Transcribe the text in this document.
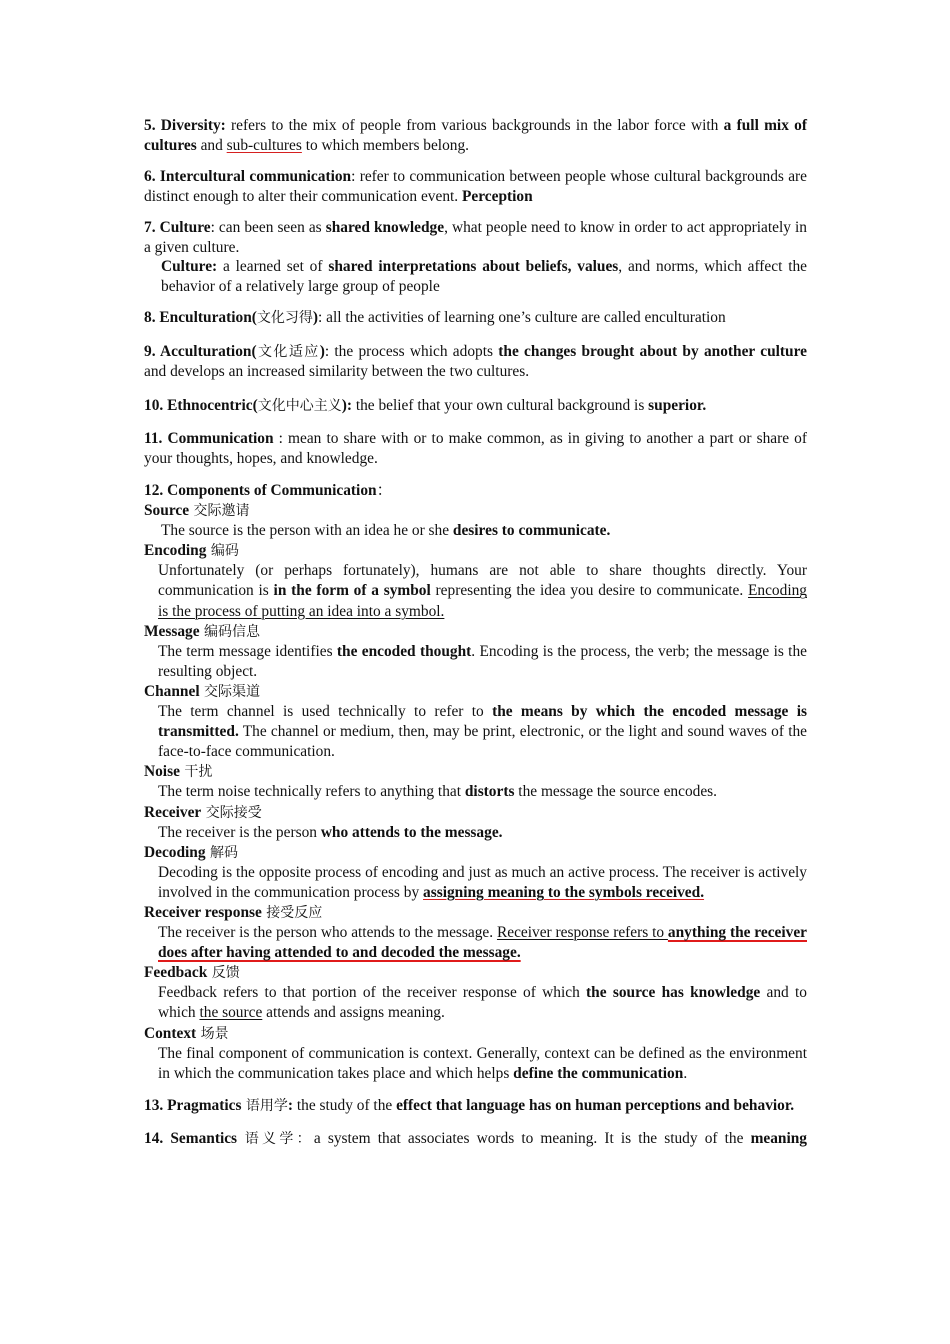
5. Diversity: refers to the mix of people from various backgrounds in the labor force with a full mix of cultures and sub-cultures to which members belong.

6. Intercultural communication: refer to communication between people whose cultural backgrounds are distinct enough to alter their communication event. Perception

7. Culture: can been seen as shared knowledge, what people need to know in order to act appropriately in a given culture.
Culture: a learned set of shared interpretations about beliefs, values, and norms, which affect the behavior of a relatively large group of people

8. Enculturation(文化习得): all the activities of learning one’s culture are called enculturation

9. Acculturation(文化适应): the process which adopts the changes brought about by another culture and develops an increased similarity between the two cultures.

10. Ethnocentric(文化中心主义): the belief that your own cultural background is superior.

11. Communication : mean to share with or to make common, as in giving to another a part or share of your thoughts, hopes, and knowledge.

12. Components of Communication：
Source 交际邀请
The source is the person with an idea he or she desires to communicate.
Encoding 编码
Unfortunately (or perhaps fortunately), humans are not able to share thoughts directly. Your communication is in the form of a symbol representing the idea you desire to communicate. Encoding is the process of putting an idea into a symbol.
Message 编码信息
The term message identifies the encoded thought. Encoding is the process, the verb; the message is the resulting object.
Channel 交际渠道
The term channel is used technically to refer to the means by which the encoded message is transmitted. The channel or medium, then, may be print, electronic, or the light and sound waves of the face-to-face communication.
Noise 干扰
The term noise technically refers to anything that distorts the message the source encodes.
Receiver 交际接受
The receiver is the person who attends to the message.
Decoding 解码
Decoding is the opposite process of encoding and just as much an active process. The receiver is actively involved in the communication process by assigning meaning to the symbols received.
Receiver response 接受反应
The receiver is the person who attends to the message. Receiver response refers to anything the receiver does after having attended to and decoded the message.
Feedback 反馈
Feedback refers to that portion of the receiver response of which the source has knowledge and to which the source attends and assigns meaning.
Context 场景
The final component of communication is context. Generally, context can be defined as the environment in which the communication takes place and which helps define the communication.

13. Pragmatics 语用学: the study of the effect that language has on human perceptions and behavior.

14. Semantics 语义学：a system that associates words to meaning. It is the study of the meaning
